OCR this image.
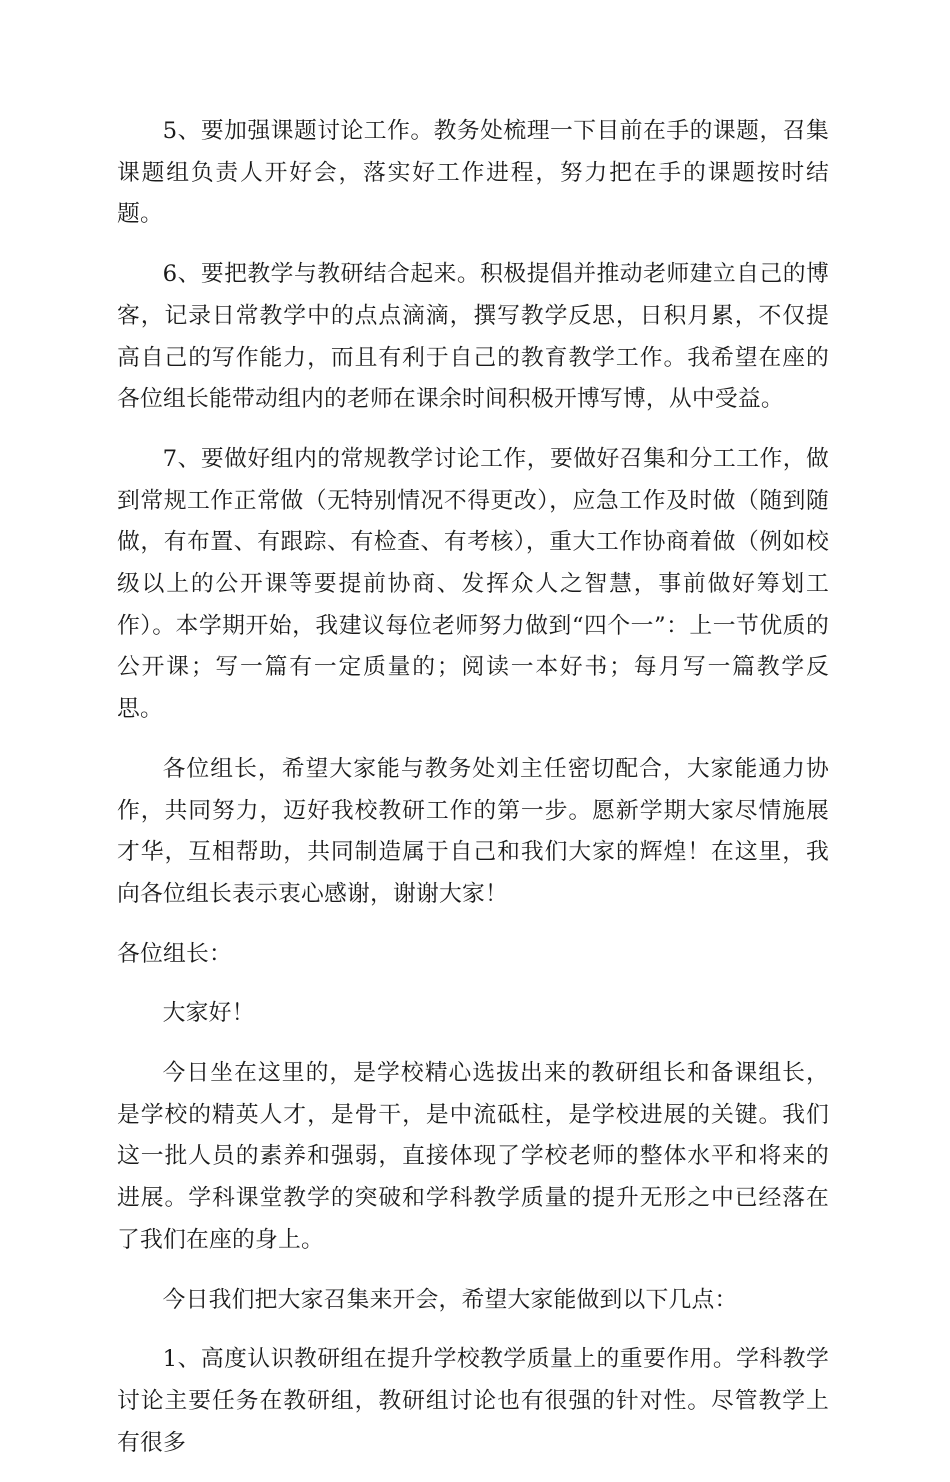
5、要加强课题讨论工作。教务处梳理一下目前在手的课题，召集课题组负责人开好会，落实好工作进程，努力把在手的课题按时结题。

6、要把教学与教研结合起来。积极提倡并推动老师建立自己的博客，记录日常教学中的点点滴滴，撰写教学反思，日积月累，不仅提高自己的写作能力，而且有利于自己的教育教学工作。我希望在座的各位组长能带动组内的老师在课余时间积极开博写博，从中受益。

7、要做好组内的常规教学讨论工作，要做好召集和分工工作，做到常规工作正常做（无特别情况不得更改），应急工作及时做（随到随做，有布置、有跟踪、有检查、有考核），重大工作协商着做（例如校级以上的公开课等要提前协商、发挥众人之智慧，事前做好筹划工作）。本学期开始，我建议每位老师努力做到“四个一”：上一节优质的公开课；写一篇有一定质量的；阅读一本好书；每月写一篇教学反思。

各位组长，希望大家能与教务处刘主任密切配合，大家能通力协作，共同努力，迈好我校教研工作的第一步。愿新学期大家尽情施展才华，互相帮助，共同制造属于自己和我们大家的辉煌！在这里，我向各位组长表示衷心感谢，谢谢大家！

各位组长：

大家好！

今日坐在这里的，是学校精心选拔出来的教研组长和备课组长，是学校的精英人才，是骨干，是中流砥柱，是学校进展的关键。我们这一批人员的素养和强弱，直接体现了学校老师的整体水平和将来的进展。学科课堂教学的突破和学科教学质量的提升无形之中已经落在了我们在座的身上。

今日我们把大家召集来开会，希望大家能做到以下几点：

1、高度认识教研组在提升学校教学质量上的重要作用。学科教学讨论主要任务在教研组，教研组讨论也有很强的针对性。尽管教学上有很多
